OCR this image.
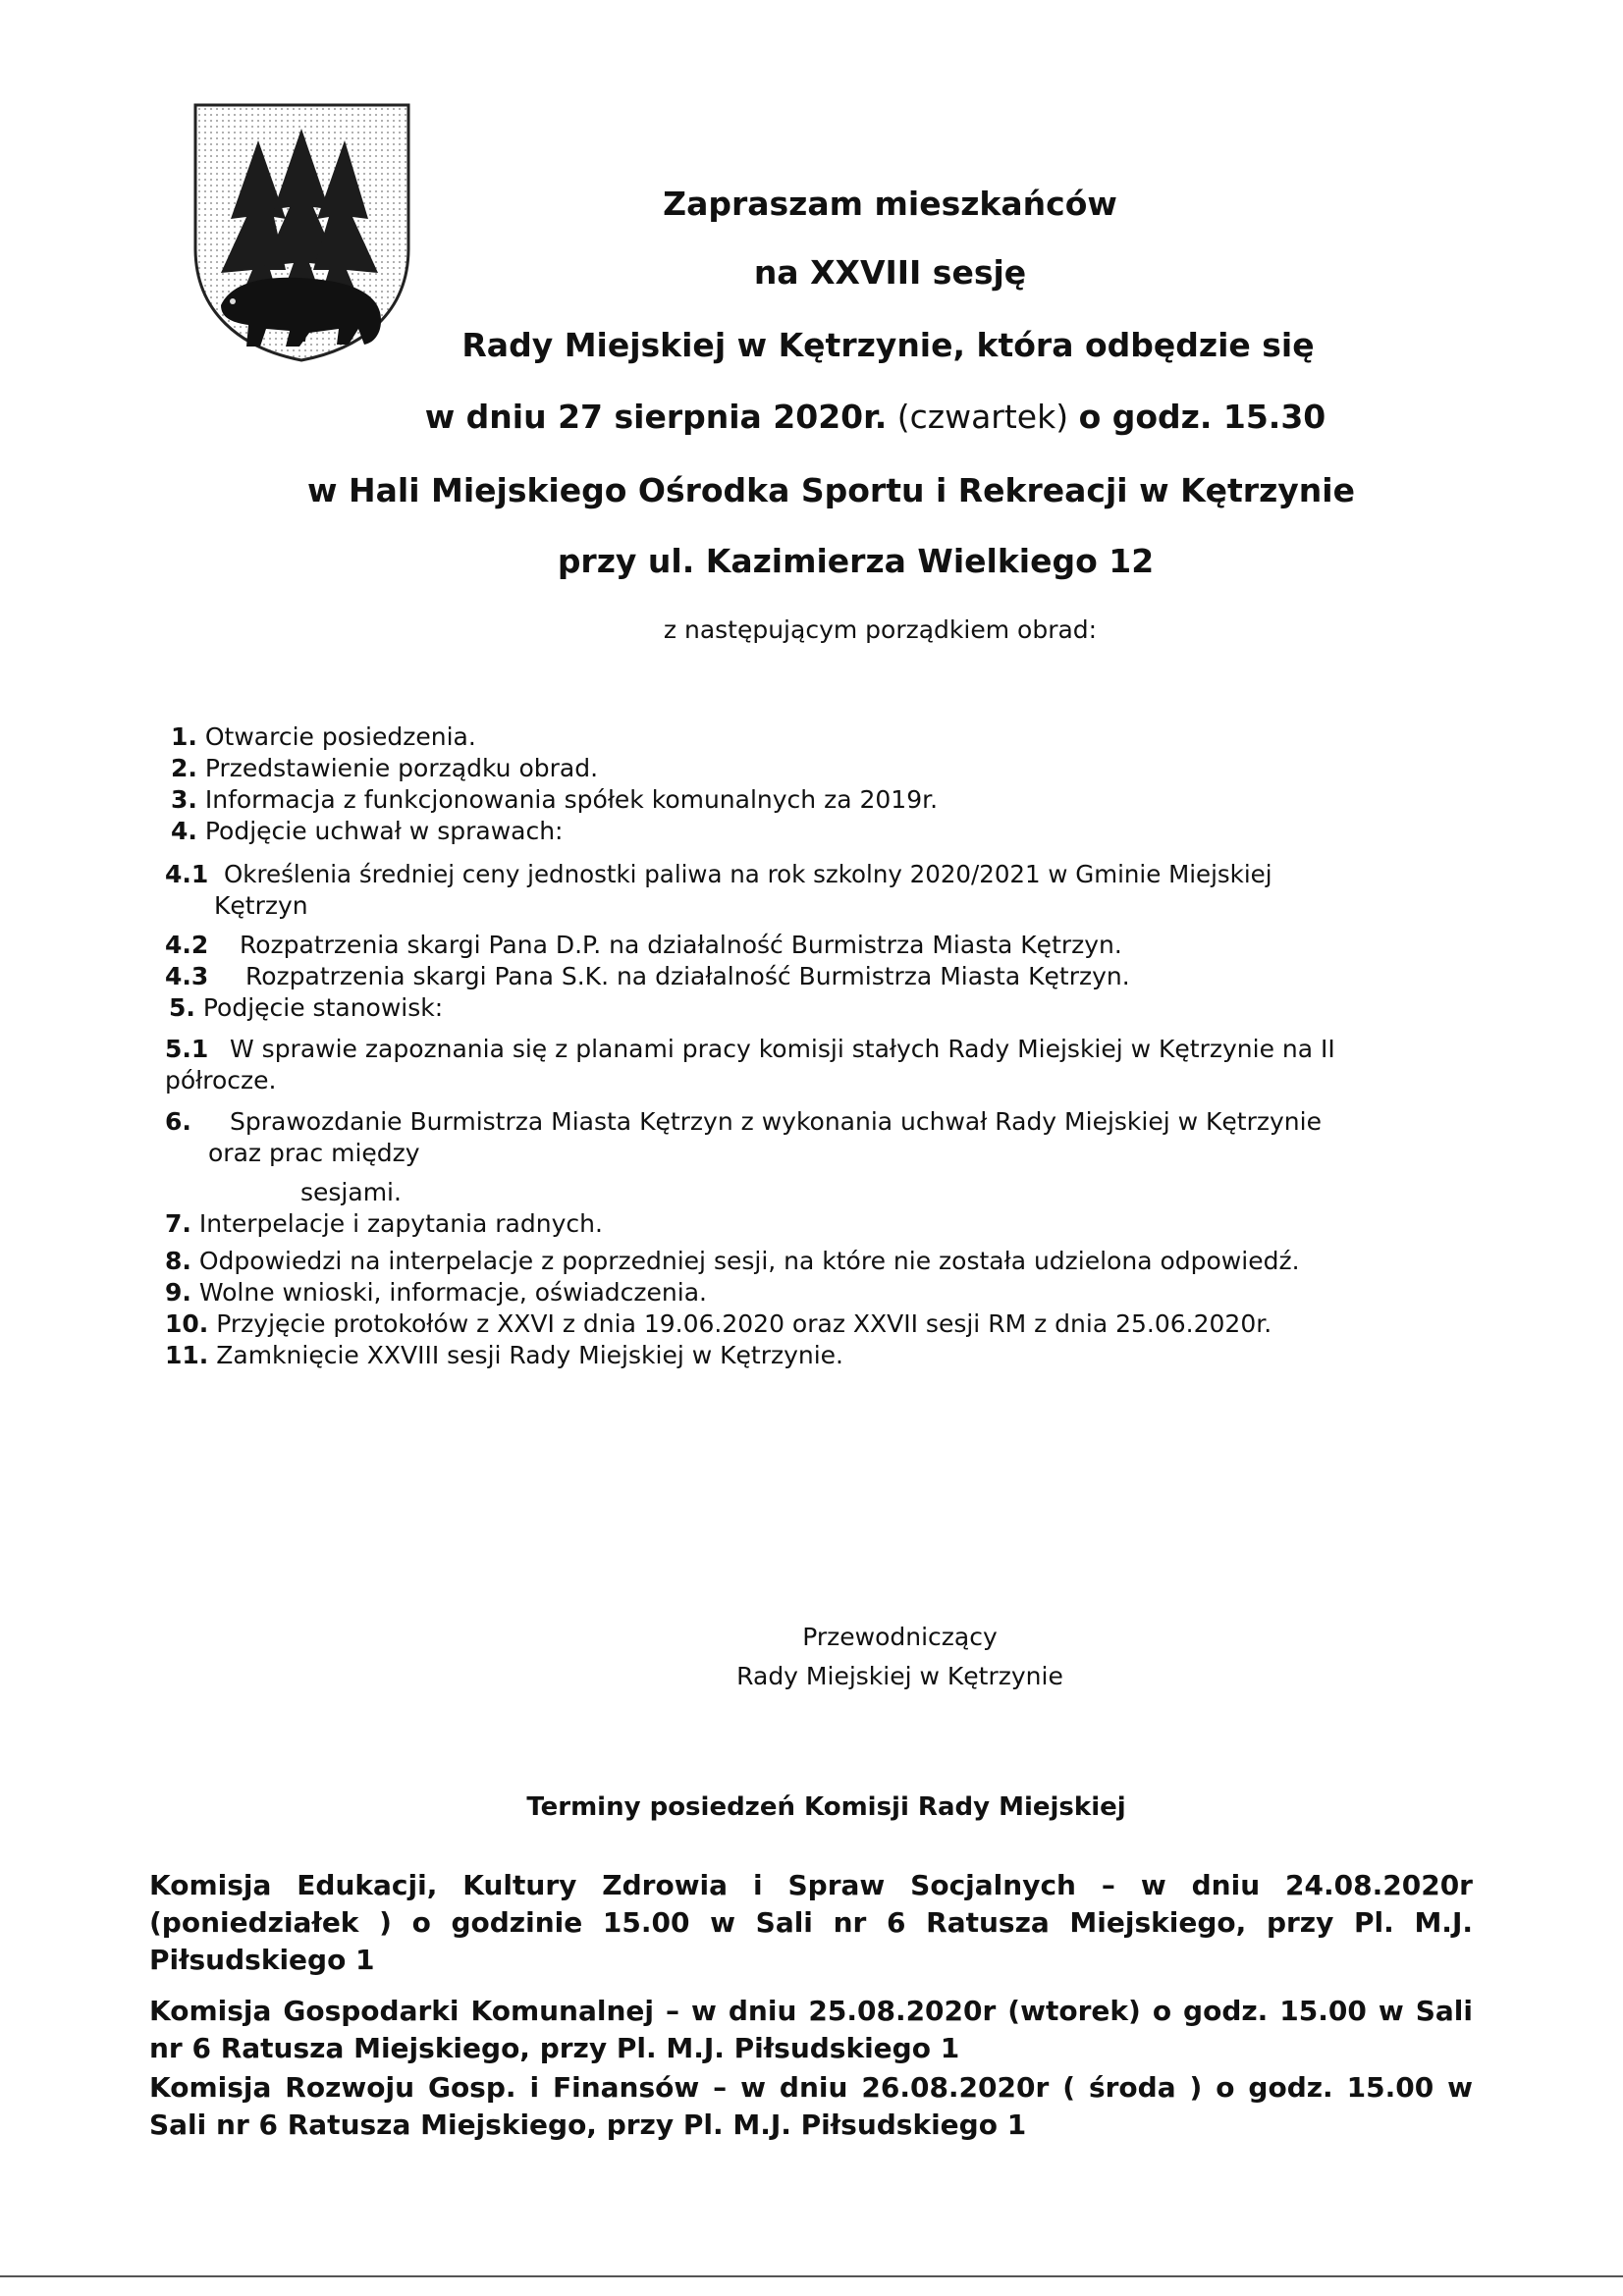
Zapraszam mieszkańców
na XXVIII sesję
Rady Miejskiej w Kętrzynie, która odbędzie się
w dniu 27 sierpnia 2020r. (czwartek) o godz. 15.30
w Hali Miejskiego Ośrodka Sportu i Rekreacji w Kętrzynie
przy ul. Kazimierza Wielkiego 12
z następującym porządkiem obrad:
1. Otwarcie posiedzenia.
2. Przedstawienie porządku obrad.
3. Informacja z funkcjonowania spółek komunalnych za 2019r.
4. Podjęcie uchwał w sprawach:
4.1 Określenia średniej ceny jednostki paliwa na rok szkolny 2020/2021 w Gminie Miejskiej
Kętrzyn
4.2 Rozpatrzenia skargi Pana D.P. na działalność Burmistrza Miasta Kętrzyn.
4.3 Rozpatrzenia skargi Pana S.K. na działalność Burmistrza Miasta Kętrzyn.
5. Podjęcie stanowisk:
5.1 W sprawie zapoznania się z planami pracy komisji stałych Rady Miejskiej w Kętrzynie na II
półrocze.
6. Sprawozdanie Burmistrza Miasta Kętrzyn z wykonania uchwał Rady Miejskiej w Kętrzynie
oraz prac między
sesjami.
7. Interpelacje i zapytania radnych.
8. Odpowiedzi na interpelacje z poprzedniej sesji, na które nie została udzielona odpowiedź.
9. Wolne wnioski, informacje, oświadczenia.
10. Przyjęcie protokołów z XXVI z dnia 19.06.2020 oraz XXVII sesji RM z dnia 25.06.2020r.
11. Zamknięcie XXVIII sesji Rady Miejskiej w Kętrzynie.
Przewodniczący
Rady Miejskiej w Kętrzynie
Terminy posiedzeń Komisji Rady Miejskiej
Komisja Edukacji, Kultury Zdrowia i Spraw Socjalnych – w dniu 24.08.2020r (poniedziałek ) o godzinie 15.00 w Sali nr 6 Ratusza Miejskiego, przy Pl. M.J. Piłsudskiego 1
Komisja Gospodarki Komunalnej – w dniu 25.08.2020r (wtorek) o godz. 15.00 w Sali nr 6 Ratusza Miejskiego, przy Pl. M.J. Piłsudskiego 1
Komisja Rozwoju Gosp. i Finansów – w dniu 26.08.2020r ( środa ) o godz. 15.00 w Sali nr 6 Ratusza Miejskiego, przy Pl. M.J. Piłsudskiego 1
